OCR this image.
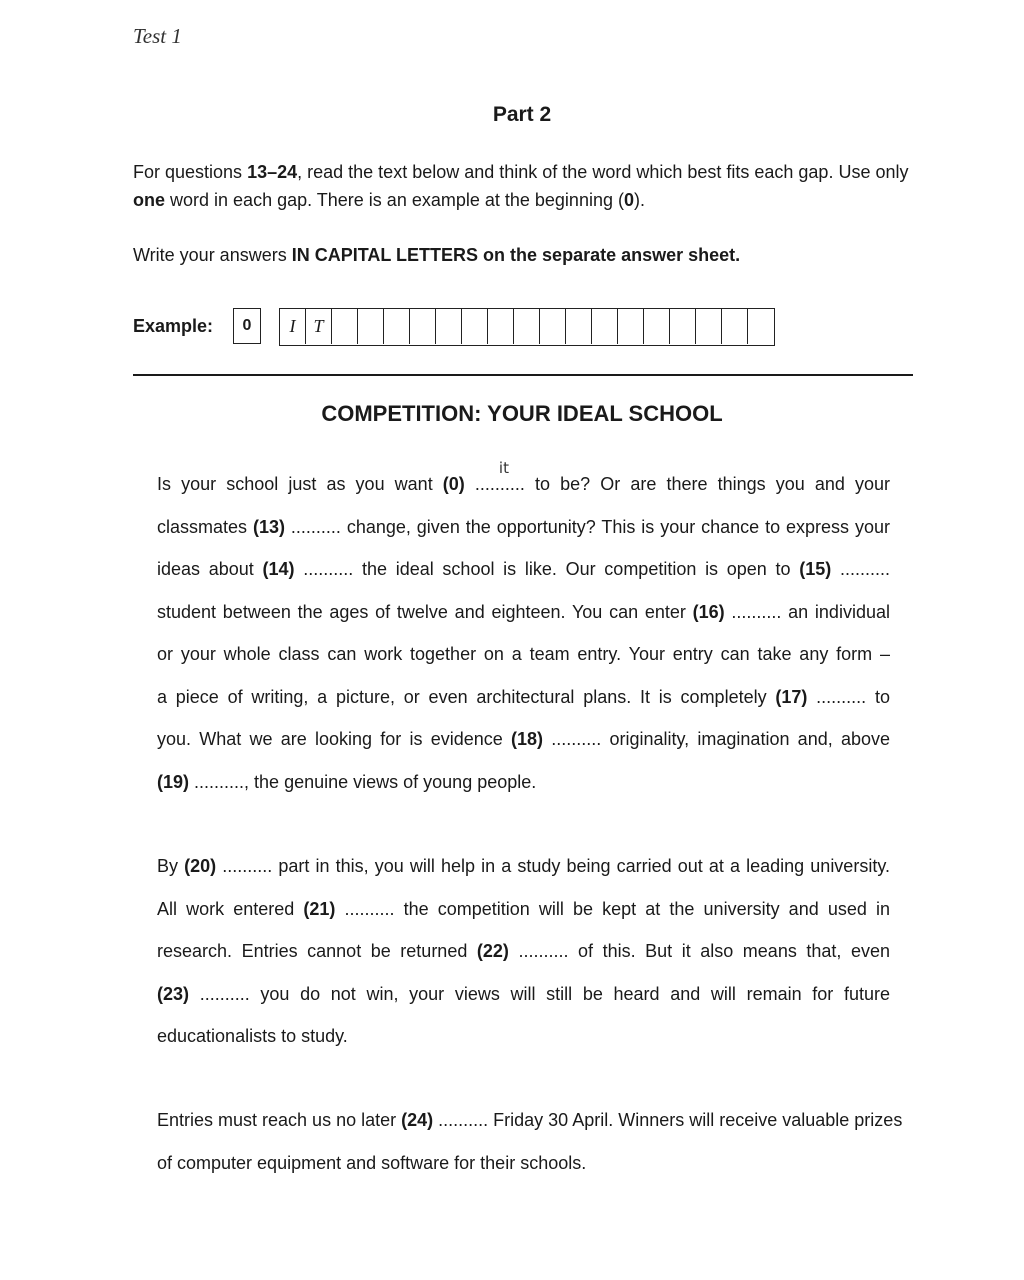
Test 1
Part 2

For questions 13–24, read the text below and think of the word which best fits each gap. Use only one word in each gap. There is an example at the beginning (0).

Write your answers IN CAPITAL LETTERS on the separate answer sheet.
Example:	0	I T
COMPETITION: YOUR IDEAL SCHOOL
Is your school just as you want (0) ..........
it
to be? Or are there things you and your
classmates (13) .......... change, given the opportunity? This is your chance to express your
ideas about (14) .......... the ideal school is like. Our competition is open to (15) ..........
student between the ages of twelve and eighteen. You can enter (16) .......... an individual
or your whole class can work together on a team entry. Your entry can take any form –
a piece of writing, a picture, or even architectural plans. It is completely (17) .......... to
you. What we are looking for is evidence (18) .......... originality, imagination and, above
(19) .........., the genuine views of young people.
By (20) .......... part in this, you will help in a study being carried out at a leading university.
All work entered (21) .......... the competition will be kept at the university and used in
research. Entries cannot be returned (22) .......... of this. But it also means that, even
(23) .......... you do not win, your views will still be heard and will remain for future
educationalists to study.
Entries must reach us no later (24) .......... Friday 30 April. Winners will receive valuable prizes
of computer equipment and software for their schools.
